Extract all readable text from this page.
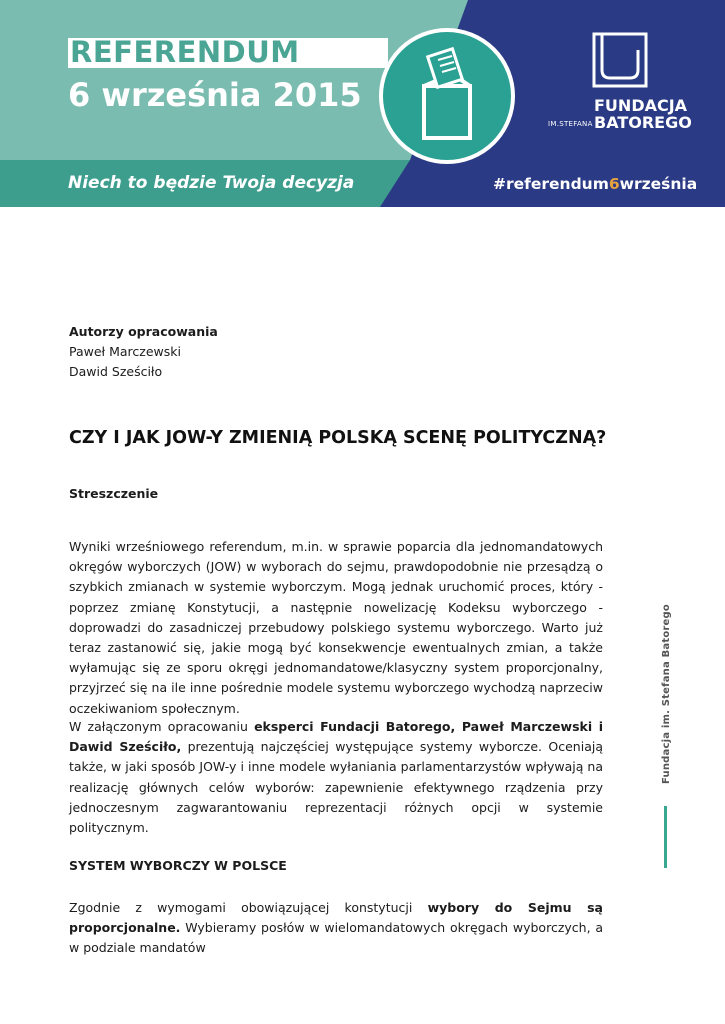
REFERENDUM
6 września 2015
Niech to będzie Twoja decyzja	#referendum6września
IM.STEFANA
FUNDACJA
BATOREGO
Autorzy opracowania
Paweł Marczewski
Dawid Sześciło
CZY I JAK JOW-Y ZMIENIĄ POLSKĄ SCENĘ POLITYCZNĄ?
Streszczenie
Wyniki wrześniowego referendum, m.in. w sprawie poparcia dla jednomandatowych okręgów wyborczych (JOW) w wyborach do sejmu, prawdopodobnie nie przesądzą o szybkich zmianach w systemie wyborczym. Mogą jednak uruchomić proces, który - poprzez zmianę Konstytucji, a następnie nowelizację Kodeksu wyborczego - doprowadzi do zasadniczej przebudowy polskiego systemu wyborczego. Warto już teraz zastanowić się, jakie mogą być konsekwencje ewentualnych zmian, a także wyłamując się ze sporu okręgi jednomandatowe/klasyczny system proporcjonalny, przyjrzeć się na ile inne pośrednie modele systemu wyborczego wychodzą naprzeciw oczekiwaniom społecznym.
W załączonym opracowaniu eksperci Fundacji Batorego, Paweł Marczewski i Dawid Sześciło, prezentują najczęściej występujące systemy wyborcze. Oceniają także, w jaki sposób JOW-y i inne modele wyłaniania parlamentarzystów wpływają na realizację głównych celów wyborów: zapewnienie efektywnego rządzenia przy jednoczesnym zagwarantowaniu reprezentacji różnych opcji w systemie politycznym.
SYSTEM WYBORCZY W POLSCE
Zgodnie z wymogami obowiązującej konstytucji wybory do Sejmu są proporcjonalne. Wybieramy posłów w wielomandatowych okręgach wyborczych, a w podziale mandatów
Fundacja im. Stefana Batorego
